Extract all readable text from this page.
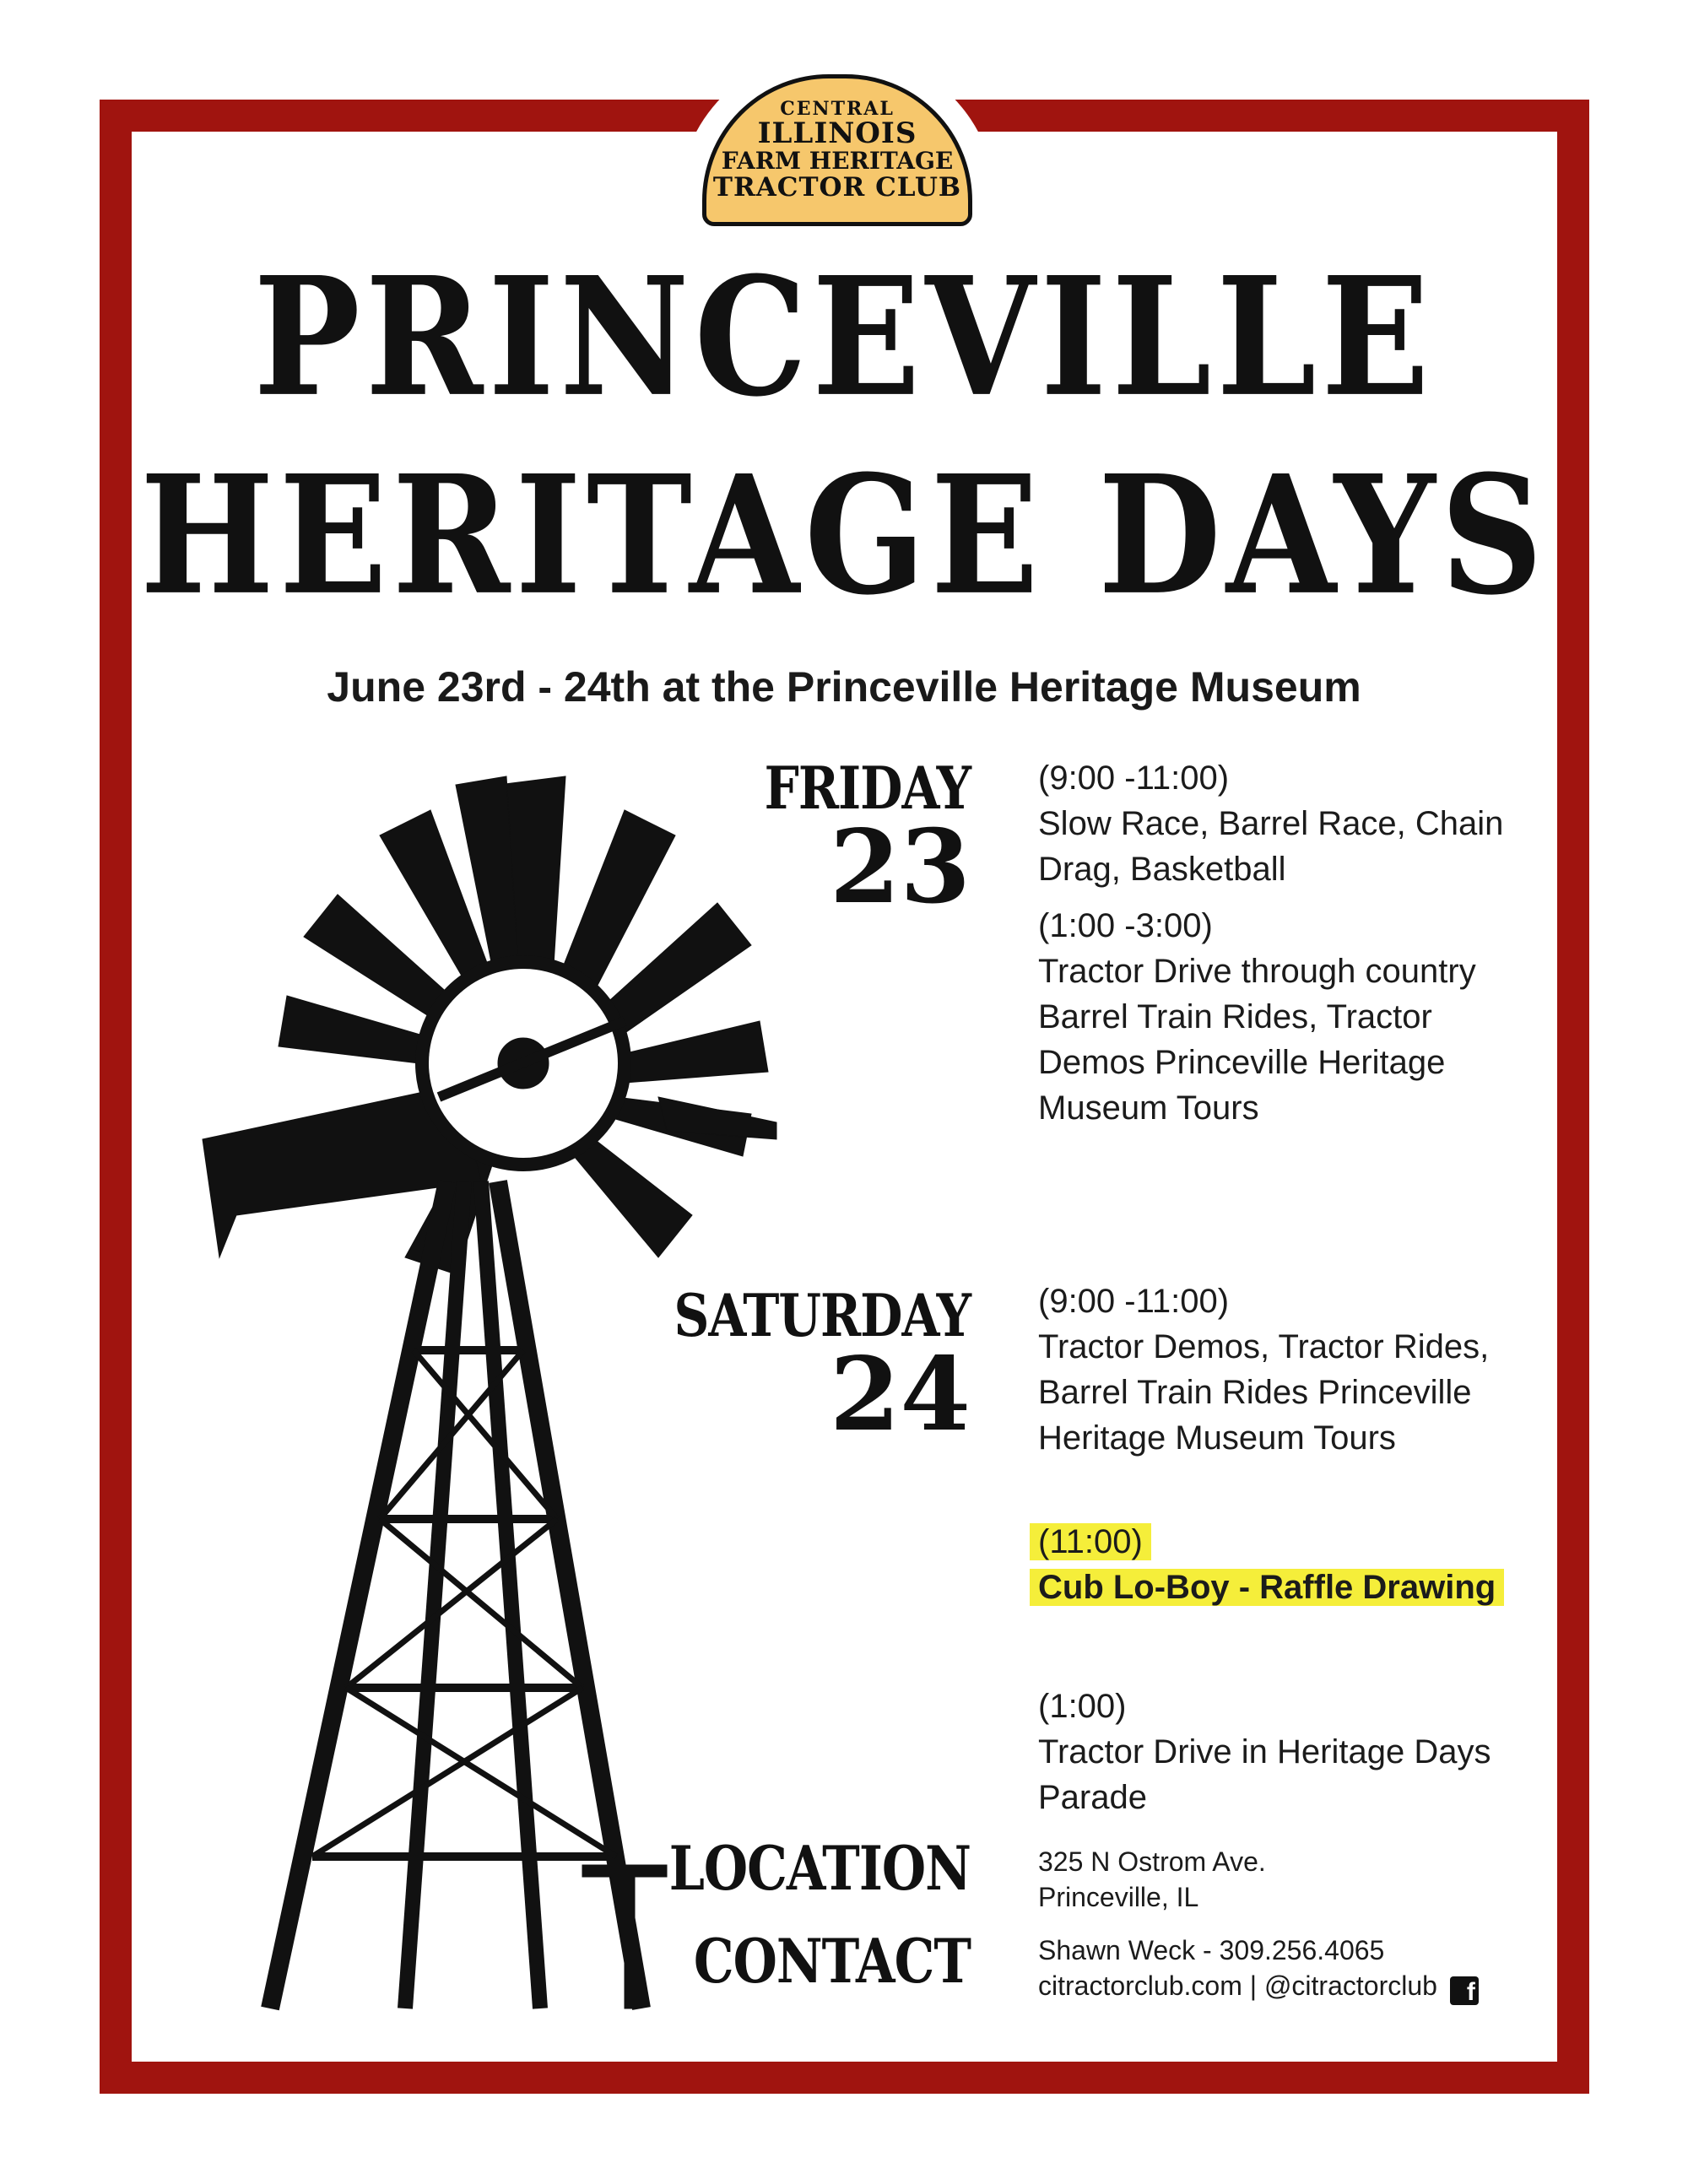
CENTRAL
ILLINOIS
FARM HERITAGE
TRACTOR CLUB
PRINCEVILLE
HERITAGE DAYS
June 23rd - 24th at the Princeville Heritage Museum
FRIDAY
23
(9:00 -11:00)
Slow Race, Barrel Race, Chain Drag, Basketball
(1:00 -3:00)
Tractor Drive through country Barrel Train Rides, Tractor Demos Princeville Heritage Museum Tours
SATURDAY
24
(9:00 -11:00)
Tractor Demos, Tractor Rides, Barrel Train Rides Princeville Heritage Museum Tours
(11:00)
Cub Lo-Boy - Raffle Drawing
(1:00)
Tractor Drive in Heritage Days Parade
LOCATION	325 N Ostrom Ave.
Princeville, IL
CONTACT	Shawn Weck - 309.256.4065
citractorclub.com | @citractorclub f
